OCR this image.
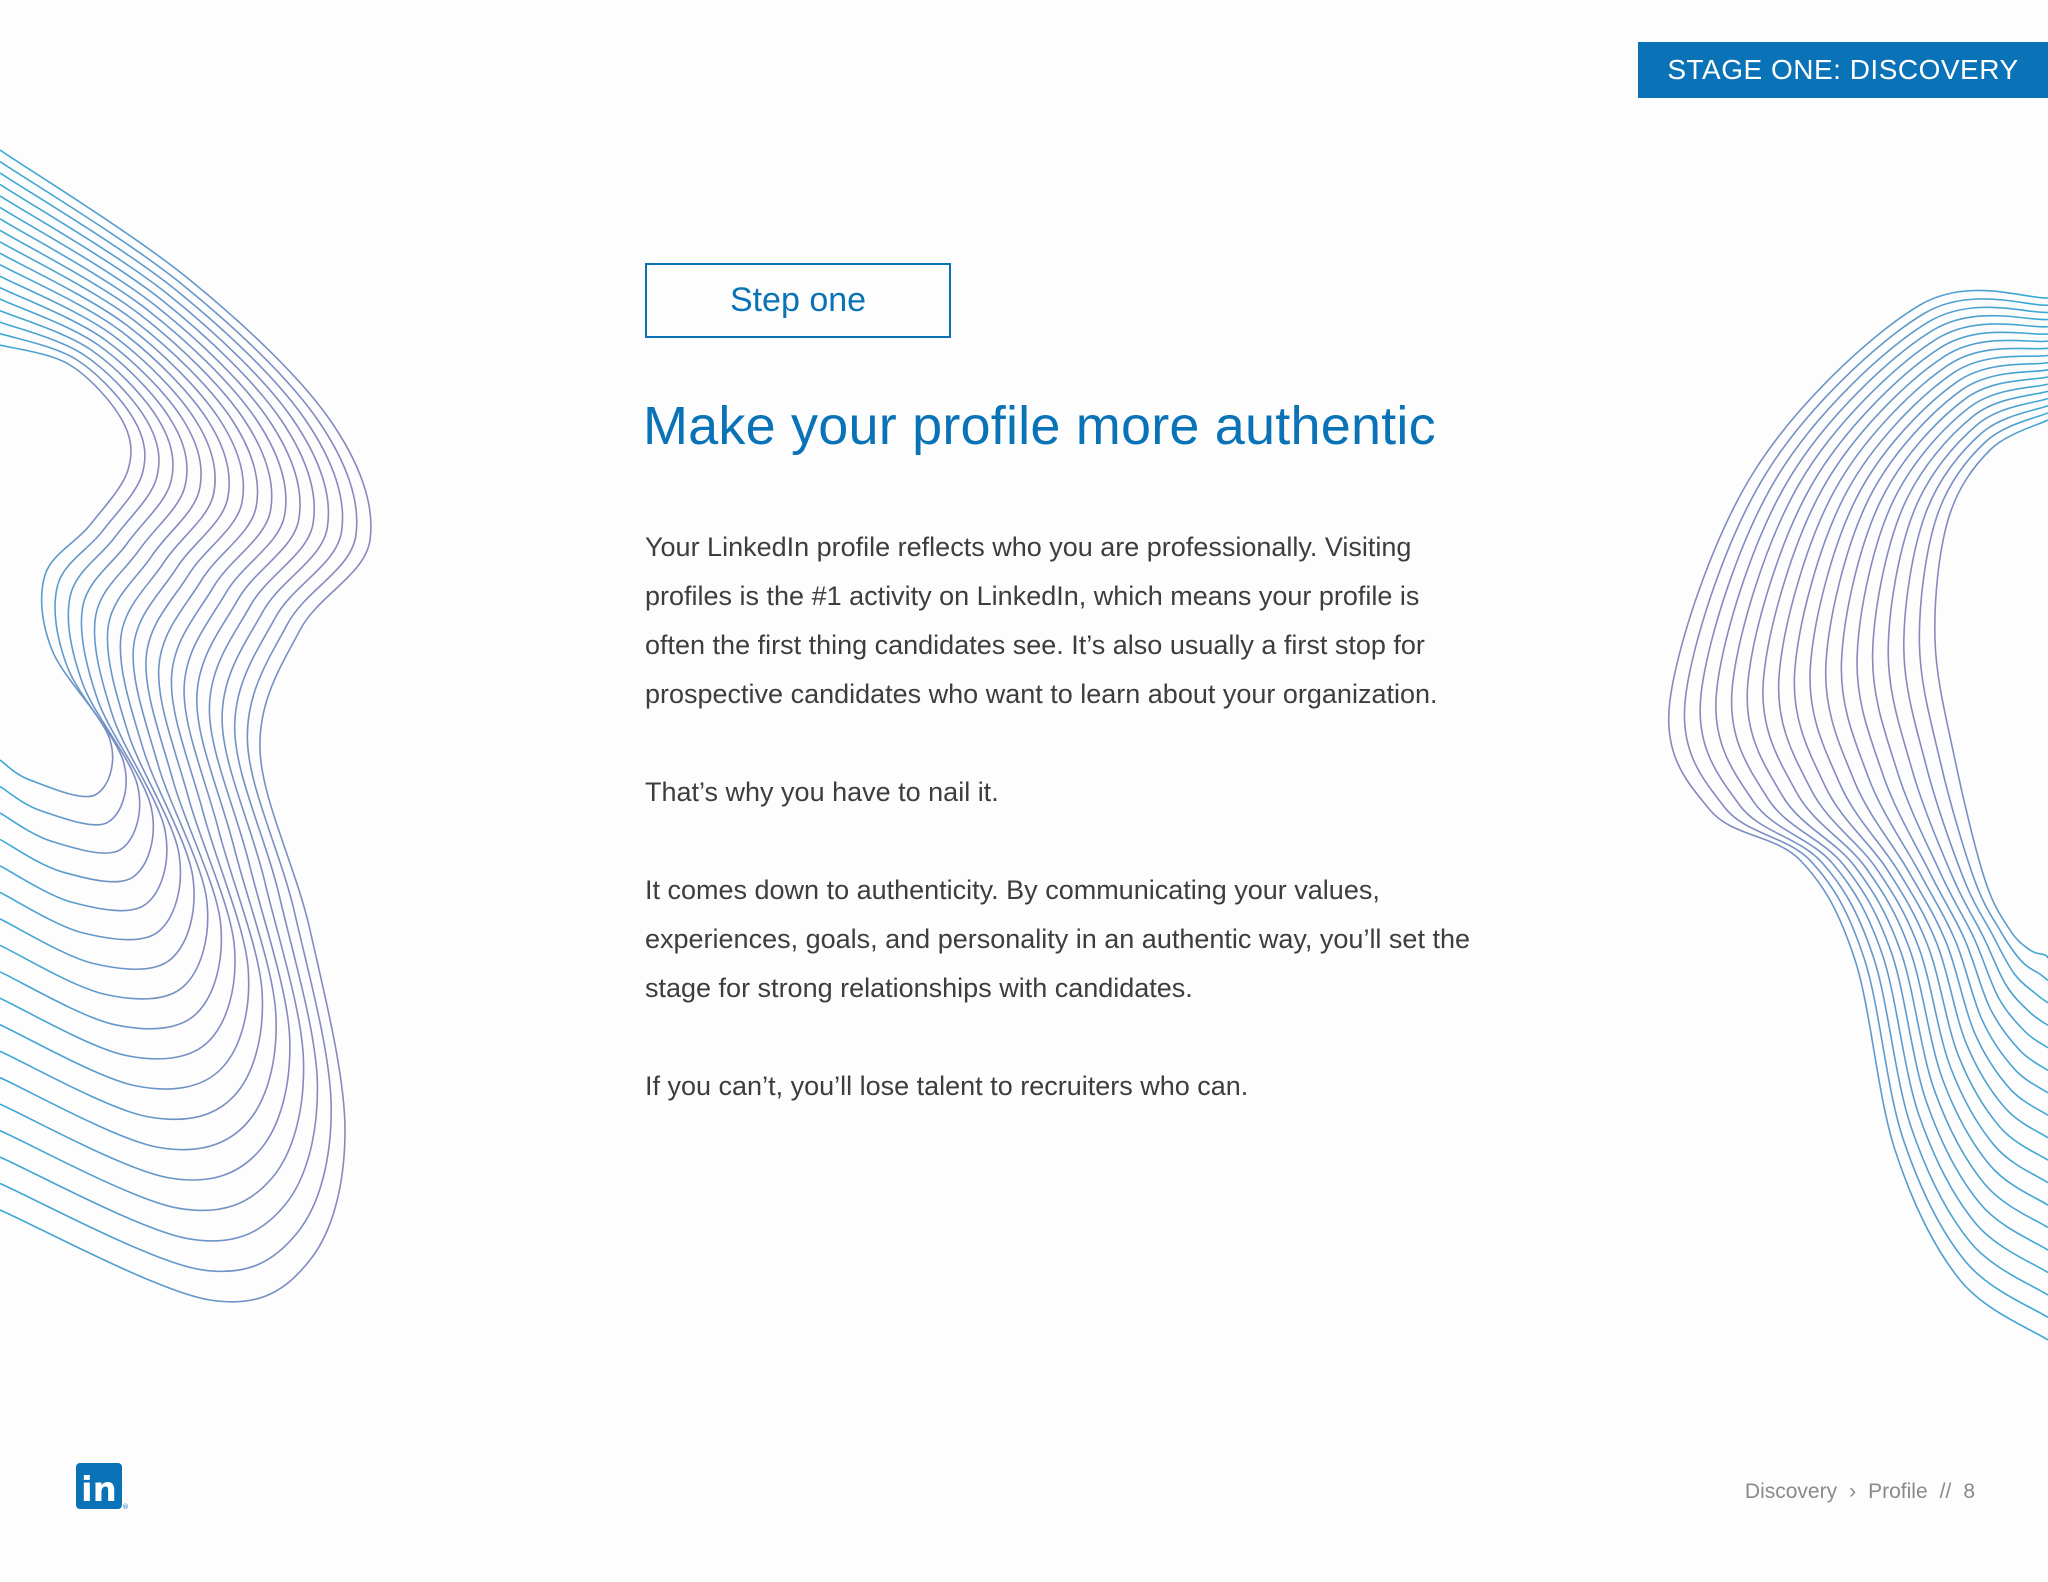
STAGE ONE: DISCOVERY
Step one
Make your profile more authentic

Your LinkedIn profile reflects who you are professionally. Visiting profiles is the #1 activity on LinkedIn, which means your profile is often the first thing candidates see. It’s also usually a first stop for prospective candidates who want to learn about your organization.

That’s why you have to nail it.

It comes down to authenticity. By communicating your values, experiences, goals, and personality in an authentic way, you’ll set the stage for strong relationships with candidates.

If you can’t, you’ll lose talent to recruiters who can.

in ®
Discovery › Profile // 8
